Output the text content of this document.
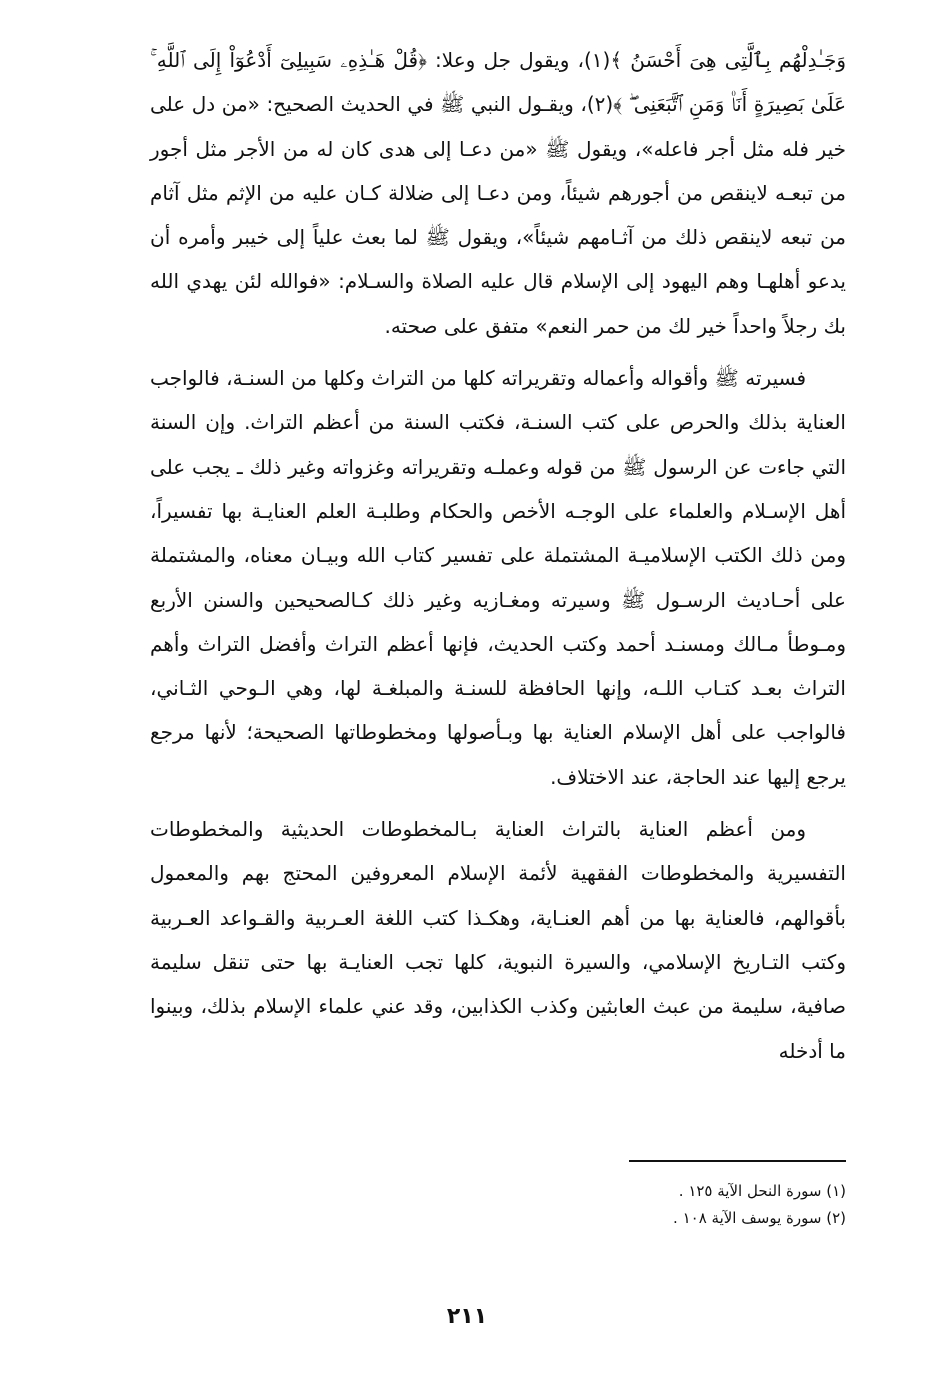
وَجَـٰدِلْهُم بِٱلَّتِى هِىَ أَحْسَنُ ﴾(١)، ويقول جل وعلا: ﴿قُلْ هَـٰذِهِۦ سَبِيلِىٓ أَدْعُوٓاْ إِلَى ٱللَّهِ ۚ عَلَىٰ بَصِيرَةٍ أَنَا۠ وَمَنِ ٱتَّبَعَنِى ۖ ﴾(٢)، ويقـول النبي ﷺ في الحديث الصحيح: «من دل على خير فله مثل أجر فاعله»، ويقول ﷺ «من دعـا إلى هدى كان له من الأجر مثل أجور من تبعـه لاينقص من أجورهم شيئاً، ومن دعـا إلى ضلالة كـان عليه من الإثم مثل آثام من تبعه لاينقص ذلك من آثـامهم شيئاً»، ويقول ﷺ لما بعث علياً إلى خيبر وأمره أن يدعو أهلهـا وهم اليهود إلى الإسلام قال عليه الصلاة والسـلام: «فوالله لئن يهدي الله بك رجلاً واحداً خير لك من حمر النعم» متفق على صحته.

فسيرته ﷺ وأقواله وأعماله وتقريراته كلها من التراث وكلها من السنـة، فالواجب العناية بذلك والحرص على كتب السنـة، فكتب السنة من أعظم التراث. وإن السنة التي جاءت عن الرسول ﷺ من قوله وعملـه وتقريراته وغزواته وغير ذلك ـ يجب على أهل الإسـلام والعلماء على الوجـه الأخص والحكام وطلبـة العلم العنايـة بها تفسيراً، ومن ذلك الكتب الإسلاميـة المشتملة على تفسير كتاب الله وبيـان معناه، والمشتملة على أحـاديث الرسـول ﷺ وسيرته ومغـازيه وغير ذلك كـالصحيحين والسنن الأربع ومـوطأ مـالك ومسنـد أحمد وكتب الحديث، فإنها أعظم التراث وأفضل التراث وأهم التراث بعـد كتـاب اللـه، وإنها الحافظة للسنـة والمبلغـة لها، وهي الـوحي الثـاني، فالواجب على أهل الإسلام العناية بها وبـأصولها ومخطوطاتها الصحيحة؛ لأنها مرجع يرجع إليها عند الحاجة، عند الاختلاف.

ومن أعظم العناية بالتراث العناية بـالمخطوطات الحديثية والمخطوطات التفسيرية والمخطوطات الفقهية لأئمة الإسلام المعروفين المحتج بهم والمعمول بأقوالهم، فالعناية بها من أهم العنـاية، وهكـذا كتب اللغة العـربية والقـواعد العـربية وكتب التـاريخ الإسلامي، والسيرة النبوية، كلها تجب العنايـة بها حتى تنقل سليمة صافية، سليمة من عبث العابثين وكذب الكذابين، وقد عني علماء الإسلام بذلك، وبينوا ما أدخله

(١) سورة النحل الآية ١٢٥ .
(٢) سورة يوسف الآية ١٠٨ .
٢١١
